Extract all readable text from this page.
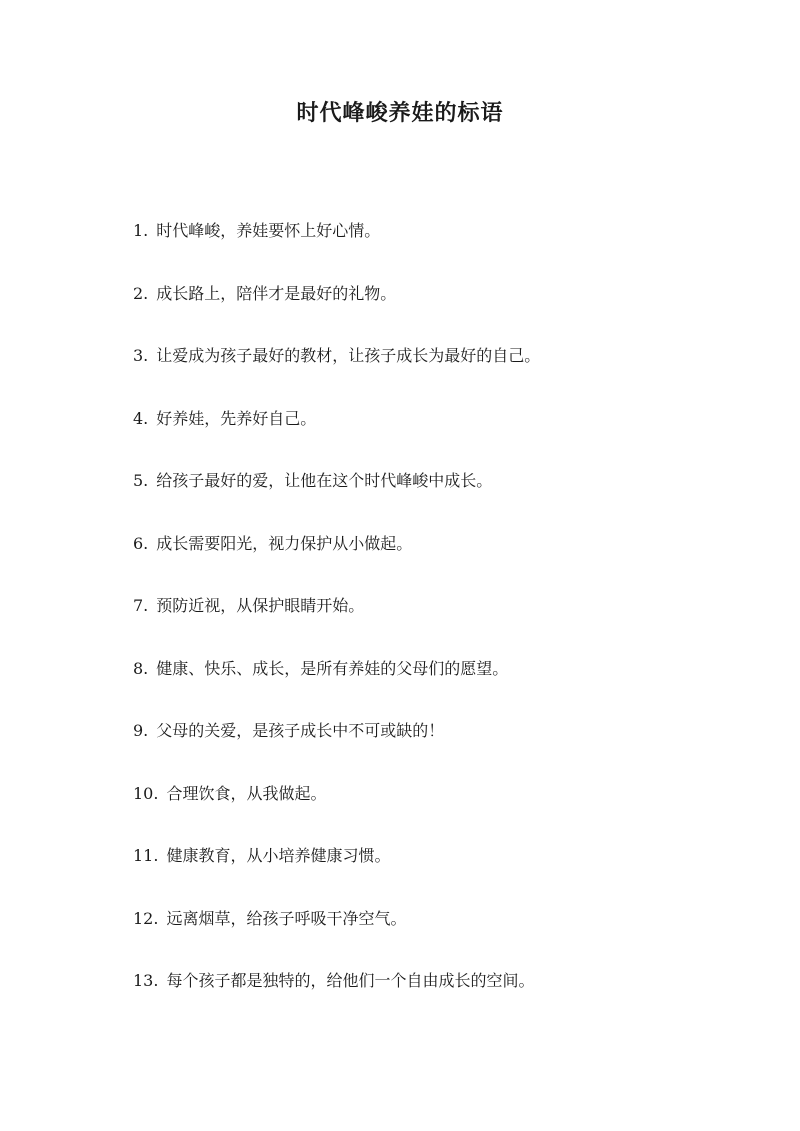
时代峰峻养娃的标语
1. 时代峰峻，养娃要怀上好心情。
2. 成长路上，陪伴才是最好的礼物。
3. 让爱成为孩子最好的教材，让孩子成长为最好的自己。
4. 好养娃，先养好自己。
5. 给孩子最好的爱，让他在这个时代峰峻中成长。
6. 成长需要阳光，视力保护从小做起。
7. 预防近视，从保护眼睛开始。
8. 健康、快乐、成长，是所有养娃的父母们的愿望。
9. 父母的关爱，是孩子成长中不可或缺的！
10. 合理饮食，从我做起。
11. 健康教育，从小培养健康习惯。
12. 远离烟草，给孩子呼吸干净空气。
13. 每个孩子都是独特的，给他们一个自由成长的空间。
